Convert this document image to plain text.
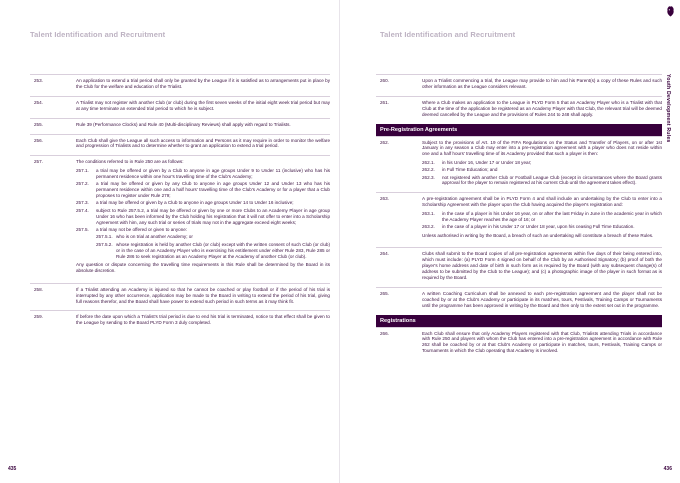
Talent Identification and Recruitment
253.	An application to extend a trial period shall only be granted by the League if it is satisfied as to arrangements put in place by the Club for the welfare and education of the Trialist.
254.	A Trialist may not register with another Club (or club) during the first seven weeks of the initial eight week trial period but may at any time terminate an extended trial period to which he is subject.
255.	Rule 39 (Performance Clocks) and Rule 40 (Multi-disciplinary Reviews) shall apply with regard to Trialists.
256.	Each Club shall give the League all such access to information and Persons as it may require in order to monitor the welfare and progression of Trialists and to determine whether to grant an application to extend a trial period.
257.	The conditions referred to in Rule 250 are as follows:

257.1.	a trial may be offered or given by a Club to anyone in age groups Under 9 to Under 11 (inclusive) who has his permanent residence within one hour's travelling time of the Club's Academy;
257.2.	a trial may be offered or given by any Club to anyone in age groups Under 12 and Under 13 who has his permanent residence within one and a half hours' travelling time of the Club's Academy or for a player that a Club proposes to register under Rule 279;
257.3.	a trial may be offered or given by a Club to anyone in age groups Under 14 to Under 16 inclusive;
257.4.	subject to Rule 257.5.2, a trial may be offered or given by one or more Clubs to an Academy Player in age group Under 16 who has been informed by the Club holding his registration that it will not offer to enter into a Scholarship Agreement with him, any such trial or series of trials may not in the aggregate exceed eight weeks;
257.5.	a trial may not be offered or given to anyone:
257.5.1. who is on trial at another Academy; or
257.5.2. whose registration is held by another Club (or club) except with the written consent of such Club (or club) or in the case of an Academy Player who is exercising his entitlement under either Rule 283, Rule 285 or Rule 286 to seek registration as an Academy Player at the Academy of another Club (or club).

Any question or dispute concerning the travelling time requirements in this Rule shall be determined by the Board in its absolute discretion.

258.	If a Trialist attending an Academy is injured so that he cannot be coached or play football or if the period of his trial is interrupted by any other occurrence, application may be made to the Board in writing to extend the period of his trial, giving full reasons therefor, and the Board shall have power to extend such period in such terms as it may think fit.
259.	If before the date upon which a Trialist's trial period is due to end his trial is terminated, notice to that effect shall be given to the League by sending to the Board PLYD Form 3 duly completed.
435
Talent Identification and Recruitment
260.	Upon a Trialist commencing a trial, the League may provide to him and his Parent(s) a copy of these Rules and such other information as the League considers relevant.
261.	Where a Club makes an application to the League in PLYD Form 5 that an Academy Player who is a Trialist with that Club at the time of the application be registered as an Academy Player with that Club, the relevant trial will be deemed deemed cancelled by the League and the provisions of Rules 244 to 248 shall apply.
Pre-Registration Agreements
262.	Subject to the provisions of Art. 19 of the FIFA Regulations on the Status and Transfer of Players, on or after 1st January in any season a Club may enter into a pre-registration agreement with a player who does not reside within one and a half hours' travelling time of its Academy provided that such a player is then:

262.1.	in his Under 16, Under 17 or Under 18 year;
262.2.	in Full Time Education; and
262.3.	not registered with another Club or Football League Club (except in circumstances where the Board grants approval for the player to remain registered at his current Club until the agreement takes effect).
263.	A pre-registration agreement shall be in PLYD Form 4 and shall include an undertaking by the Club to enter into a Scholarship Agreement with the player upon the Club having acquired the player's registration and:

263.1.	in the case of a player in his Under 16 year, on or after the last Friday in June in the academic year in which the Academy Player reaches the age of 16; or
263.2.	in the case of a player in his Under 17 or Under 18 year, upon his ceasing Full Time Education.

Unless authorised in writing by the Board, a breach of such an undertaking will constitute a breach of these Rules.

264.	Clubs shall submit to the Board copies of all pre-registration agreements within five days of their being entered into, which must include: (a) PLYD Form 4 signed on behalf of the Club by an Authorised Signatory; (b) proof of both the player's home address and date of birth in such form as is required by the Board (with any subsequent change(s) of address to be submitted by the Club to the League); and (c) a photographic image of the player in such format as is required by the Board.
265.	A written Coaching Curriculum shall be annexed to each pre-registration agreement and the player shall not be coached by or at the Club's Academy or participate in its matches, tours, Festivals, Training Camps or Tournaments until the programme has been approved in writing by the Board and then only to the extent set out in the programme.
Registrations
266.	Each Club shall ensure that only Academy Players registered with that Club, Trialists attending Trials in accordance with Rule 250 and players with whom the Club has entered into a pre-registration agreement in accordance with Rule 262 shall be coached by or at that Club's Academy or participate in matches, tours, Festivals, Training Camps or Tournaments in which the Club operating that Academy is involved.
Youth Development Rules
436
